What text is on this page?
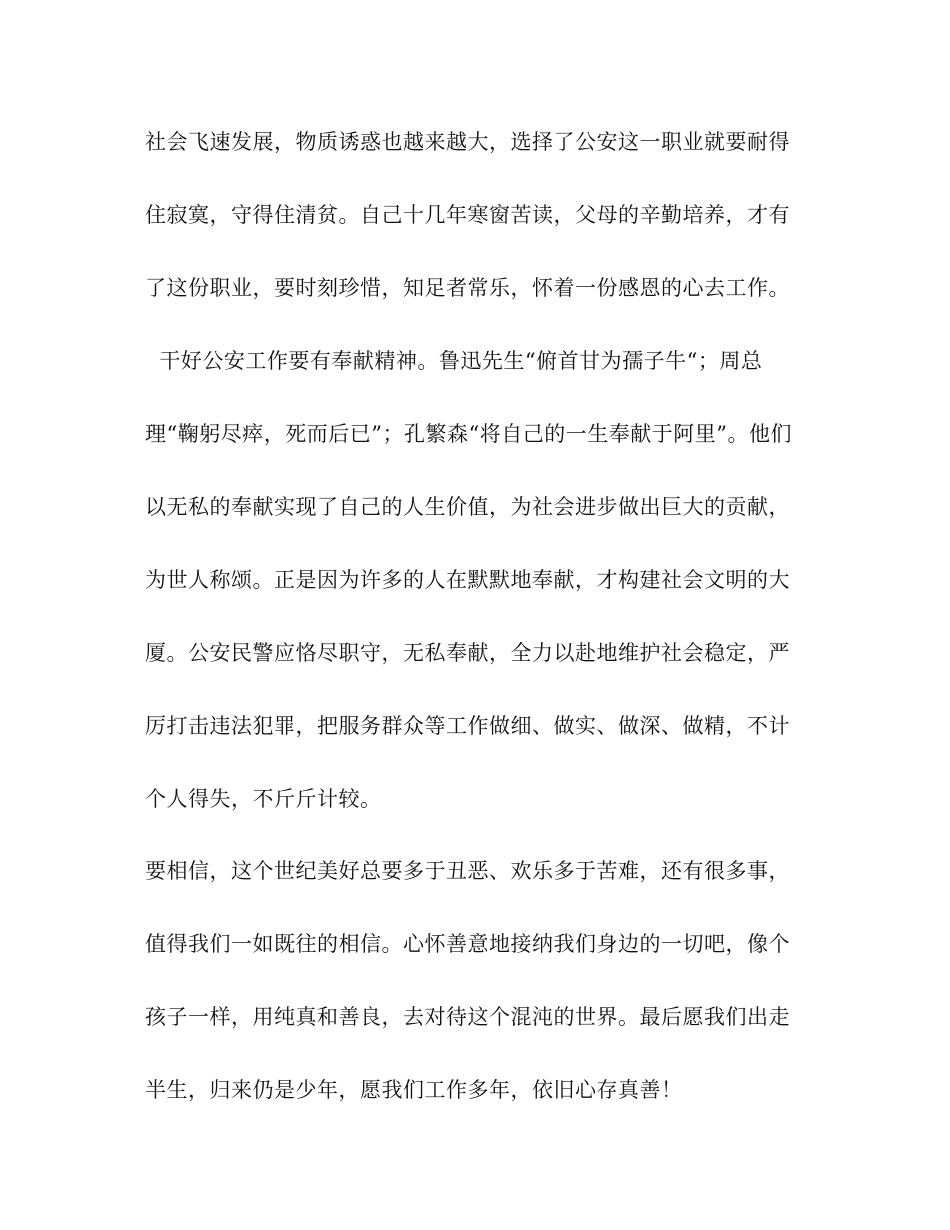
社会飞速发展，物质诱惑也越来越大，选择了公安这一职业就要耐得
住寂寞，守得住清贫。自己十几年寒窗苦读，父母的辛勤培养，才有
了这份职业，要时刻珍惜，知足者常乐，怀着一份感恩的心去工作。
干好公安工作要有奉献精神。鲁迅先生“俯首甘为孺子牛“；周总
理“鞠躬尽瘁，死而后已”；孔繁森“将自己的一生奉献于阿里”。他们
以无私的奉献实现了自己的人生价值，为社会进步做出巨大的贡献，
为世人称颂。正是因为许多的人在默默地奉献，才构建社会文明的大
厦。公安民警应恪尽职守，无私奉献，全力以赴地维护社会稳定，严
厉打击违法犯罪，把服务群众等工作做细、做实、做深、做精，不计
个人得失，不斤斤计较。
要相信，这个世纪美好总要多于丑恶、欢乐多于苦难，还有很多事，
值得我们一如既往的相信。心怀善意地接纳我们身边的一切吧，像个
孩子一样，用纯真和善良，去对待这个混沌的世界。最后愿我们出走
半生，归来仍是少年，愿我们工作多年，依旧心存真善！
